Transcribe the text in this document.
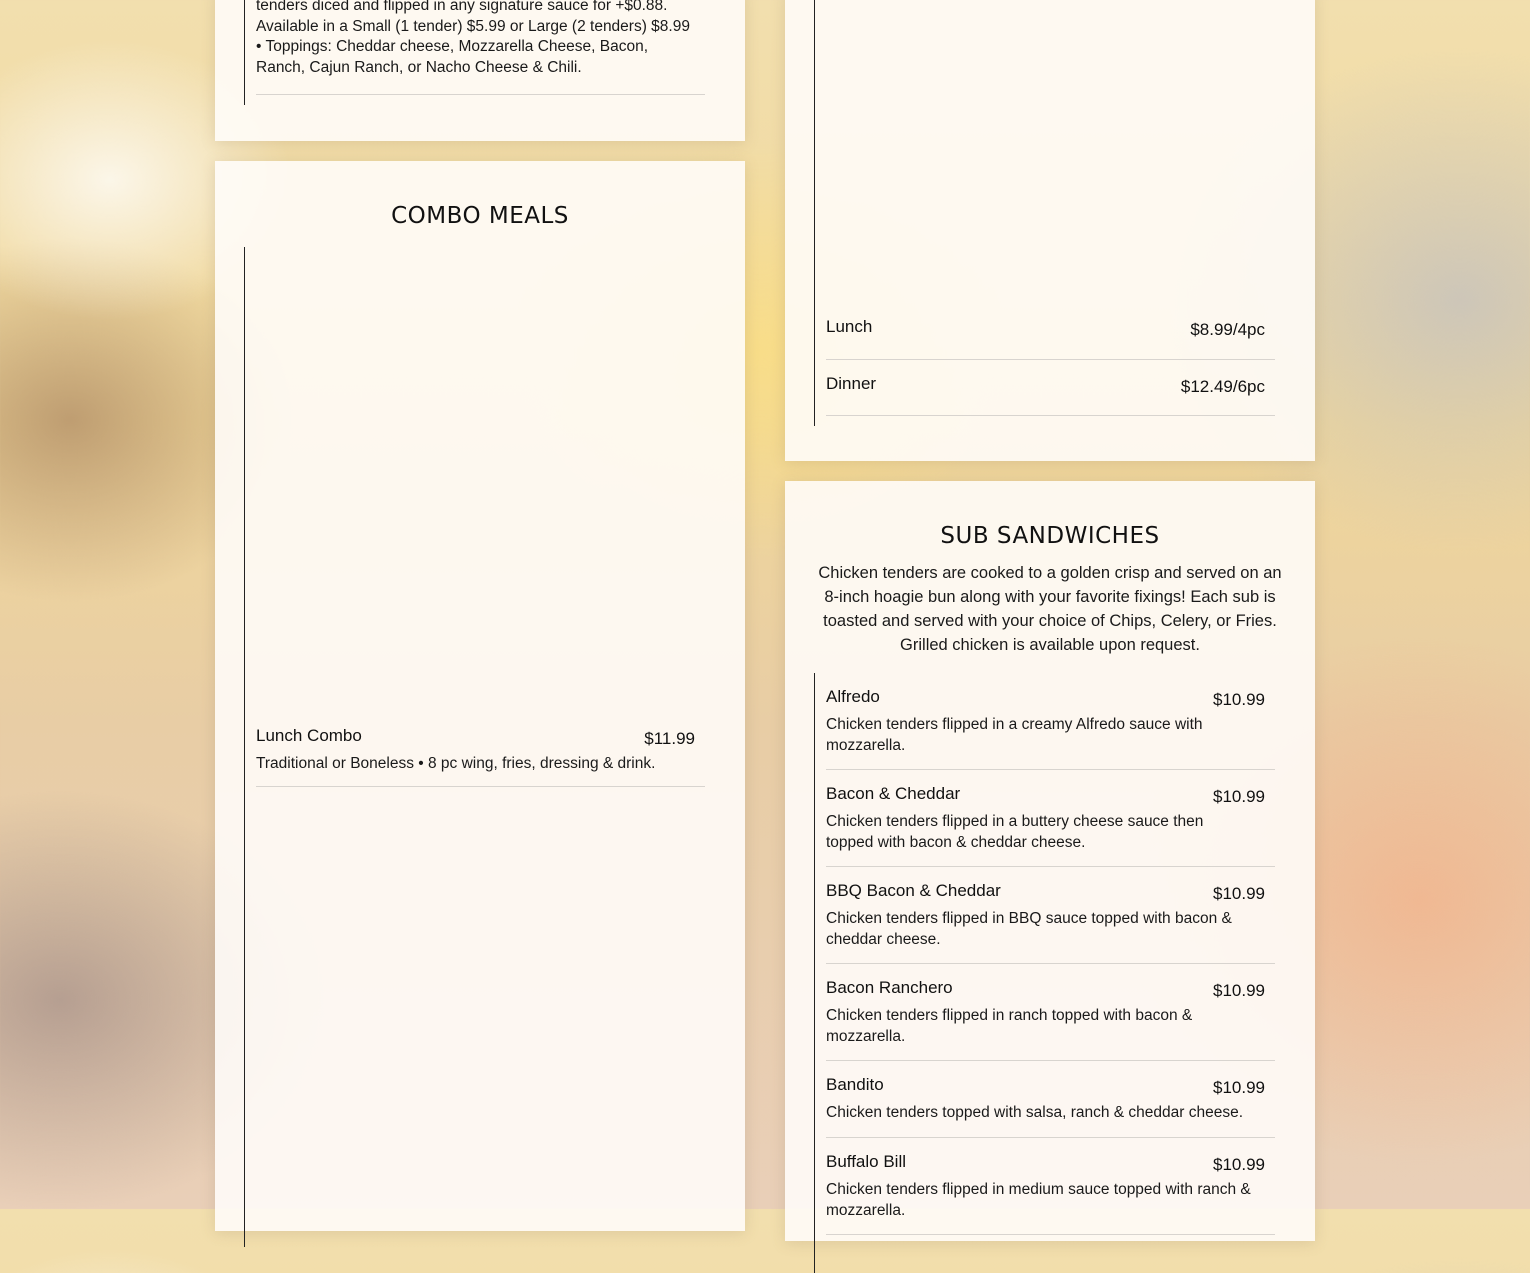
tenders diced and flipped in any signature sauce for +$0.88. Available in a Small (1 tender) $5.99 or Large (2 tenders) $8.99 • Toppings: Cheddar cheese, Mozzarella Cheese, Bacon, Ranch, Cajun Ranch, or Nacho Cheese & Chili.
COMBO MEALS
Lunch Combo	$11.99
Traditional or Boneless • 8 pc wing, fries, dressing & drink.
Lunch	$8.99/4pc
Dinner	$12.49/6pc
SUB SANDWICHES
Chicken tenders are cooked to a golden crisp and served on an 8-inch hoagie bun along with your favorite fixings! Each sub is toasted and served with your choice of Chips, Celery, or Fries. Grilled chicken is available upon request.
Alfredo	$10.99
Chicken tenders flipped in a creamy Alfredo sauce with mozzarella.
Bacon & Cheddar	$10.99
Chicken tenders flipped in a buttery cheese sauce then topped with bacon & cheddar cheese.
BBQ Bacon & Cheddar	$10.99
Chicken tenders flipped in BBQ sauce topped with bacon & cheddar cheese.
Bacon Ranchero	$10.99
Chicken tenders flipped in ranch topped with bacon & mozzarella.
Bandito	$10.99
Chicken tenders topped with salsa, ranch & cheddar cheese.
Buffalo Bill	$10.99
Chicken tenders flipped in medium sauce topped with ranch & mozzarella.
